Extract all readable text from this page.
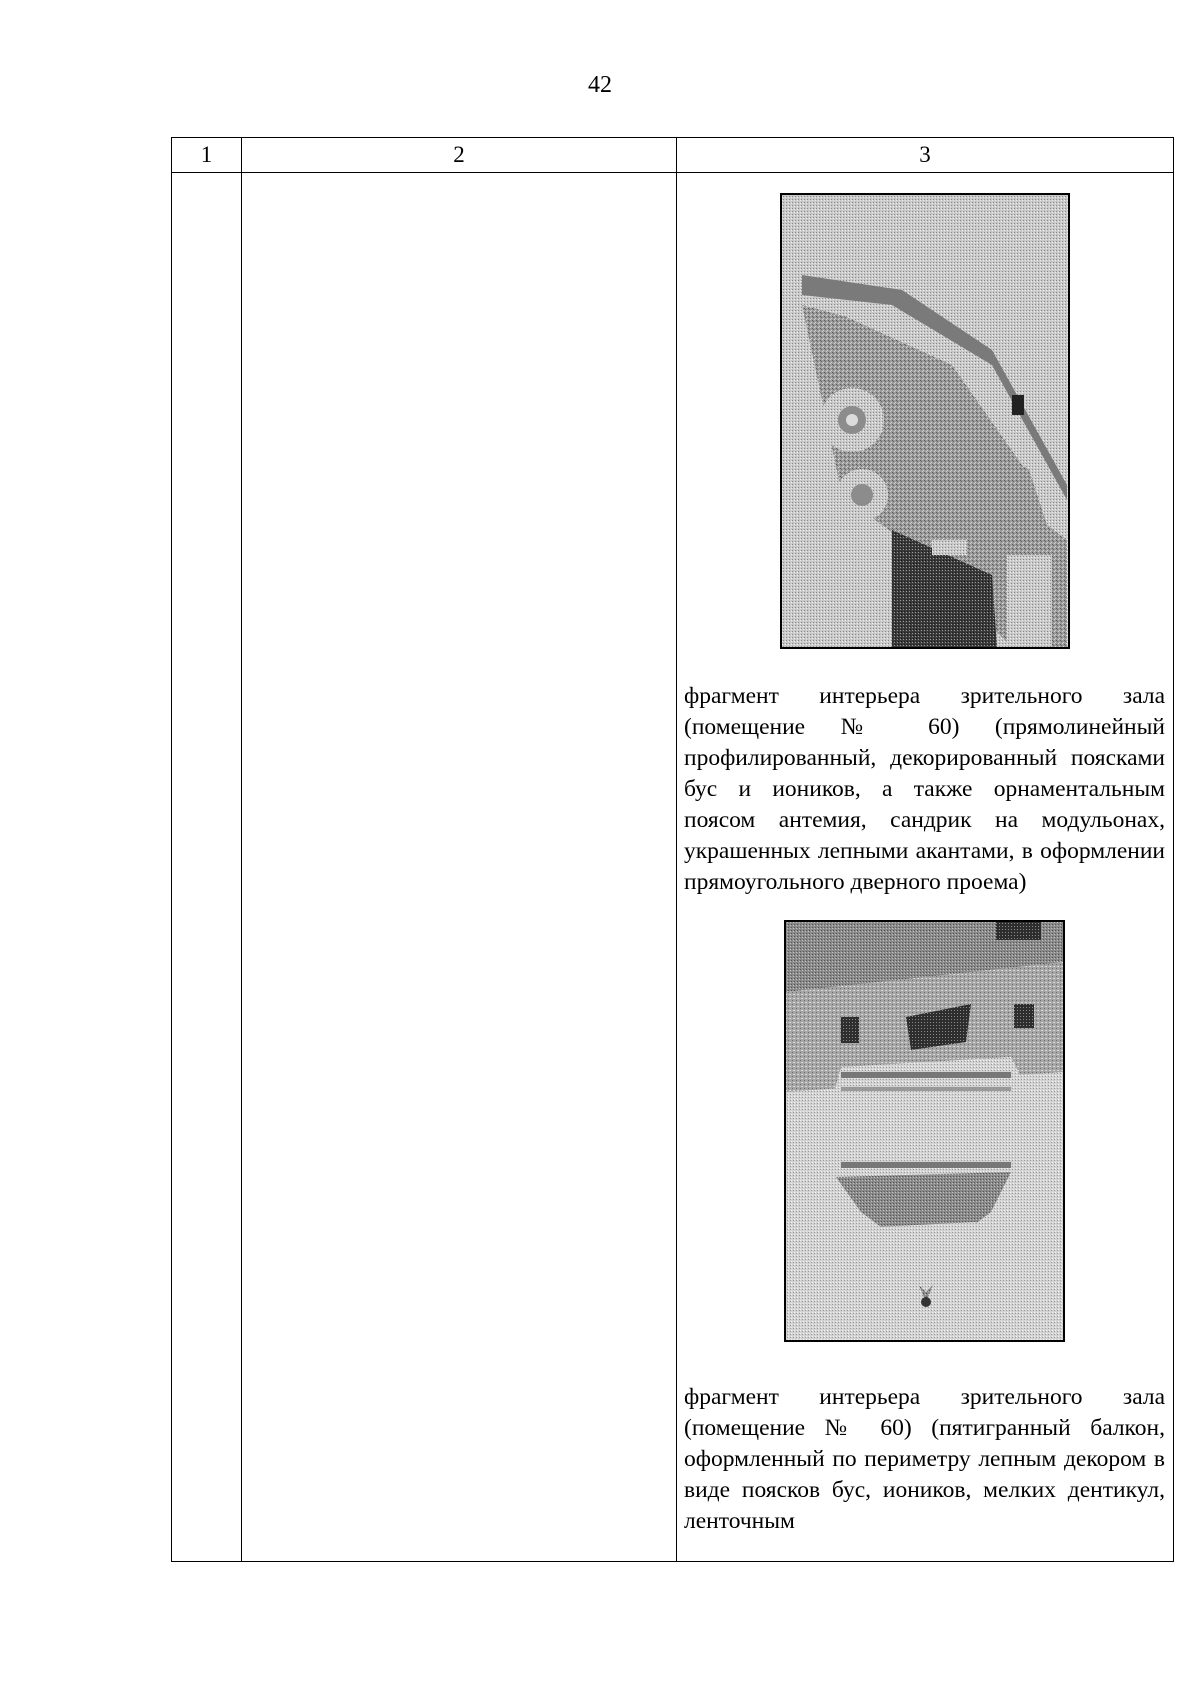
42
1	2	3

		фрагмент интерьера зрительного зала (помещение № 60) (прямолинейный профилированный, декорированный поясками бус и иоников, а также орнаментальным поясом антемия, сандрик на модульонах, украшенных лепными акантами, в оформлении прямоугольного дверного проема)

фрагмент интерьера зрительного зала (помещение № 60) (пятигранный балкон, оформленный по периметру лепным декором в виде поясков бус, иоников, мелких дентикул, ленточным
